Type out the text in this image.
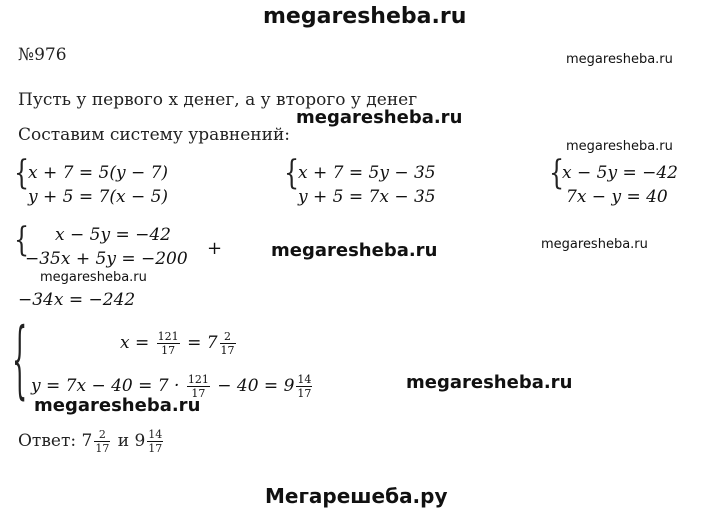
megaresheba.ru
megaresheba.ru
megaresheba.ru
megaresheba.ru
megaresheba.ru	megaresheba.ru
megaresheba.ru
megaresheba.ru
megaresheba.ru
Мегарешеба.ру
№976
Пусть у первого х денег, а у второго у денег
Составим систему уравнений:
{
x + 7 = 5(y − 7)
y + 5 = 7(x − 5)
{
x + 7 = 5y − 35
y + 5 = 7x − 35
{
x − 5y = −42
7x − y = 40
{ x − 5y = −42
−35x + 5y = −200 +
−34x = −242
{	$x = \frac{121}{17} = 7 \frac{2}{17}$
$y = 7x - 40 = 7 \cdot \frac{121}{17} - 40 = 9 \frac{14}{17}$
Ответ: $7 \frac{2}{17}$ и $9 \frac{14}{17}$
